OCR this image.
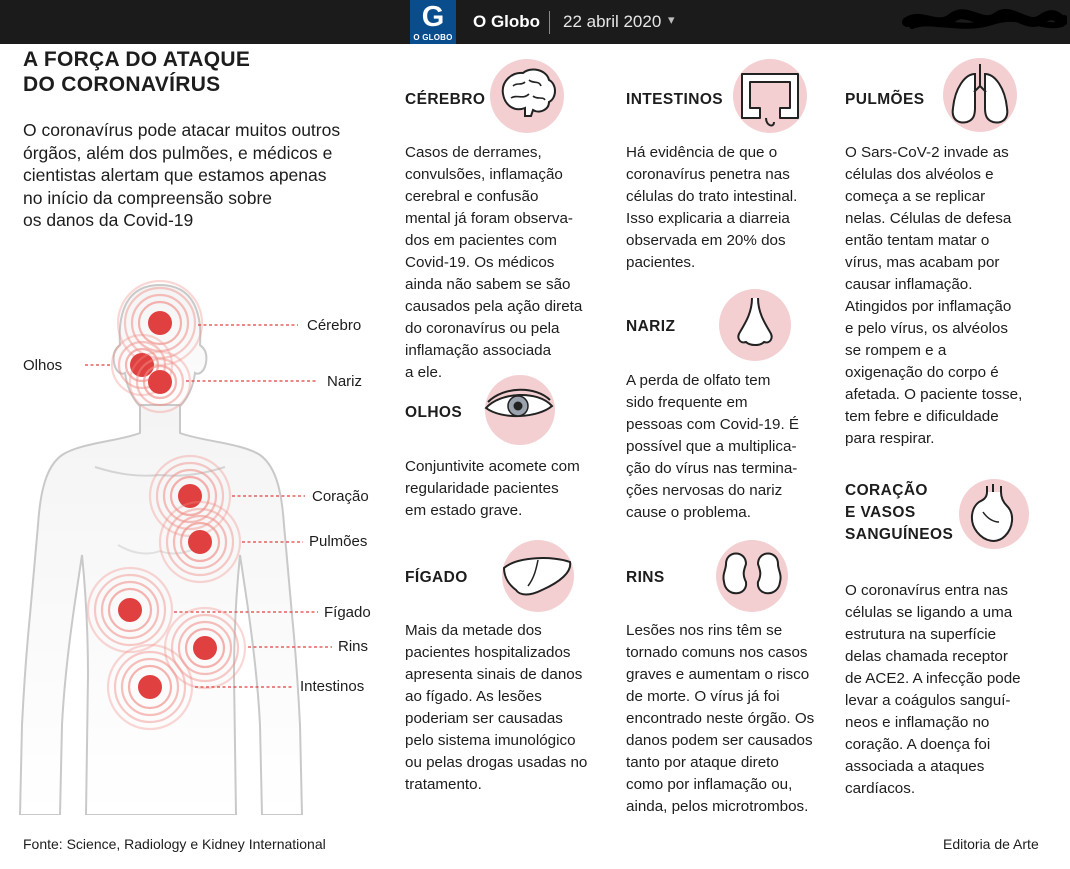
G
O GLOBO
O Globo 22 abril 2020 ▾
A FORÇA DO ATAQUE
DO CORONAVÍRUS

O coronavírus pode atacar muitos outros
órgãos, além dos pulmões, e médicos e
cientistas alertam que estamos apenas
no início da compreensão sobre
os danos da Covid-19

Cérebro
Olhos
Nariz
Coração
Pulmões
Fígado
Rins
Intestinos
CÉREBRO

Casos de derrames,
convulsões, inflamação
cerebral e confusão
mental já foram observa-
dos em pacientes com
Covid-19. Os médicos
ainda não sabem se são
causados pela ação direta
do coronavírus ou pela
inflamação associada
a ele.

OLHOS

Conjuntivite acomete com
regularidade pacientes
em estado grave.

FÍGADO

Mais da metade dos
pacientes hospitalizados
apresenta sinais de danos
ao fígado. As lesões
poderiam ser causadas
pelo sistema imunológico
ou pelas drogas usadas no
tratamento.

INTESTINOS

Há evidência de que o
coronavírus penetra nas
células do trato intestinal.
Isso explicaria a diarreia
observada em 20% dos
pacientes.

NARIZ

A perda de olfato tem
sido frequente em
pessoas com Covid-19. É
possível que a multiplica-
ção do vírus nas termina-
ções nervosas do nariz
cause o problema.

RINS

Lesões nos rins têm se
tornado comuns nos casos
graves e aumentam o risco
de morte. O vírus já foi
encontrado neste órgão. Os
danos podem ser causados
tanto por ataque direto
como por inflamação ou,
ainda, pelos microtrombos.

PULMÕES

O Sars-CoV-2 invade as
células dos alvéolos e
começa a se replicar
nelas. Células de defesa
então tentam matar o
vírus, mas acabam por
causar inflamação.
Atingidos por inflamação
e pelo vírus, os alvéolos
se rompem e a
oxigenação do corpo é
afetada. O paciente tosse,
tem febre e dificuldade
para respirar.

CORAÇÃO
E VASOS
SANGUÍNEOS

O coronavírus entra nas
células se ligando a uma
estrutura na superfície
delas chamada receptor
de ACE2. A infecção pode
levar a coágulos sanguí-
neos e inflamação no
coração. A doença foi
associada a ataques
cardíacos.

Fonte: Science, Radiology e Kidney International	Editoria de Arte
